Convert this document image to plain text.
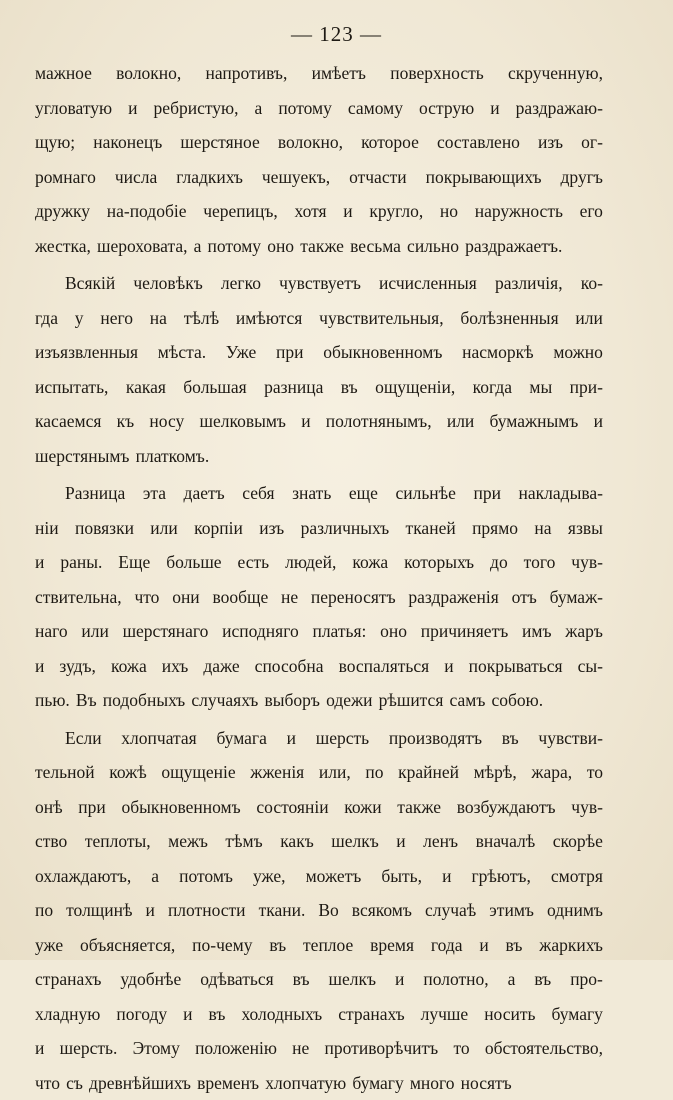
— 123 —
мажное волокно, напротивъ, имѣетъ поверхность скрученную,
угловатую и ребристую, а потому самому острую и раздражаю-
щую; наконецъ шерстяное волокно, которое составлено изъ ог-
ромнаго числа гладкихъ чешуекъ, отчасти покрывающихъ другъ
дружку на-подобіе черепицъ, хотя и кругло, но наружность его
жестка, шероховата, а потому оно также весьма сильно раздражаетъ.
Всякій человѣкъ легко чувствуетъ исчисленныя различія, ко-
гда у него на тѣлѣ имѣются чувствительныя, болѣзненныя или
изъязвленныя мѣста. Уже при обыкновенномъ насморкѣ можно
испытать, какая большая разница въ ощущеніи, когда мы при-
касаемся къ носу шелковымъ и полотнянымъ, или бумажнымъ и
шерстянымъ платкомъ.
Разница эта даетъ себя знать еще сильнѣе при накладыва-
ніи повязки или корпіи изъ различныхъ тканей прямо на язвы
и раны. Еще больше есть людей, кожа которыхъ до того чув-
ствительна, что они вообще не переносятъ раздраженія отъ бумаж-
наго или шерстянаго исподняго платья: оно причиняетъ имъ жаръ
и зудъ, кожа ихъ даже способна воспаляться и покрываться сы-
пью. Въ подобныхъ случаяхъ выборъ одежи рѣшится самъ собою.
Если хлопчатая бумага и шерсть производятъ въ чувстви-
тельной кожѣ ощущеніе жженія или, по крайней мѣрѣ, жара, то
онѣ при обыкновенномъ состояніи кожи также возбуждаютъ чув-
ство теплоты, межъ тѣмъ какъ шелкъ и ленъ вначалѣ скорѣе
охлаждаютъ, а потомъ уже, можетъ быть, и грѣютъ, смотря
по толщинѣ и плотности ткани. Во всякомъ случаѣ этимъ однимъ
уже объясняется, по-чему въ теплое время года и въ жаркихъ
странахъ удобнѣе одѣваться въ шелкъ и полотно, а въ про-
хладную погоду и въ холодныхъ странахъ лучше носить бумагу
и шерсть. Этому положенію не противорѣчитъ то обстоятельство,
что съ древнѣйшихъ временъ хлопчатую бумагу много носятъ
